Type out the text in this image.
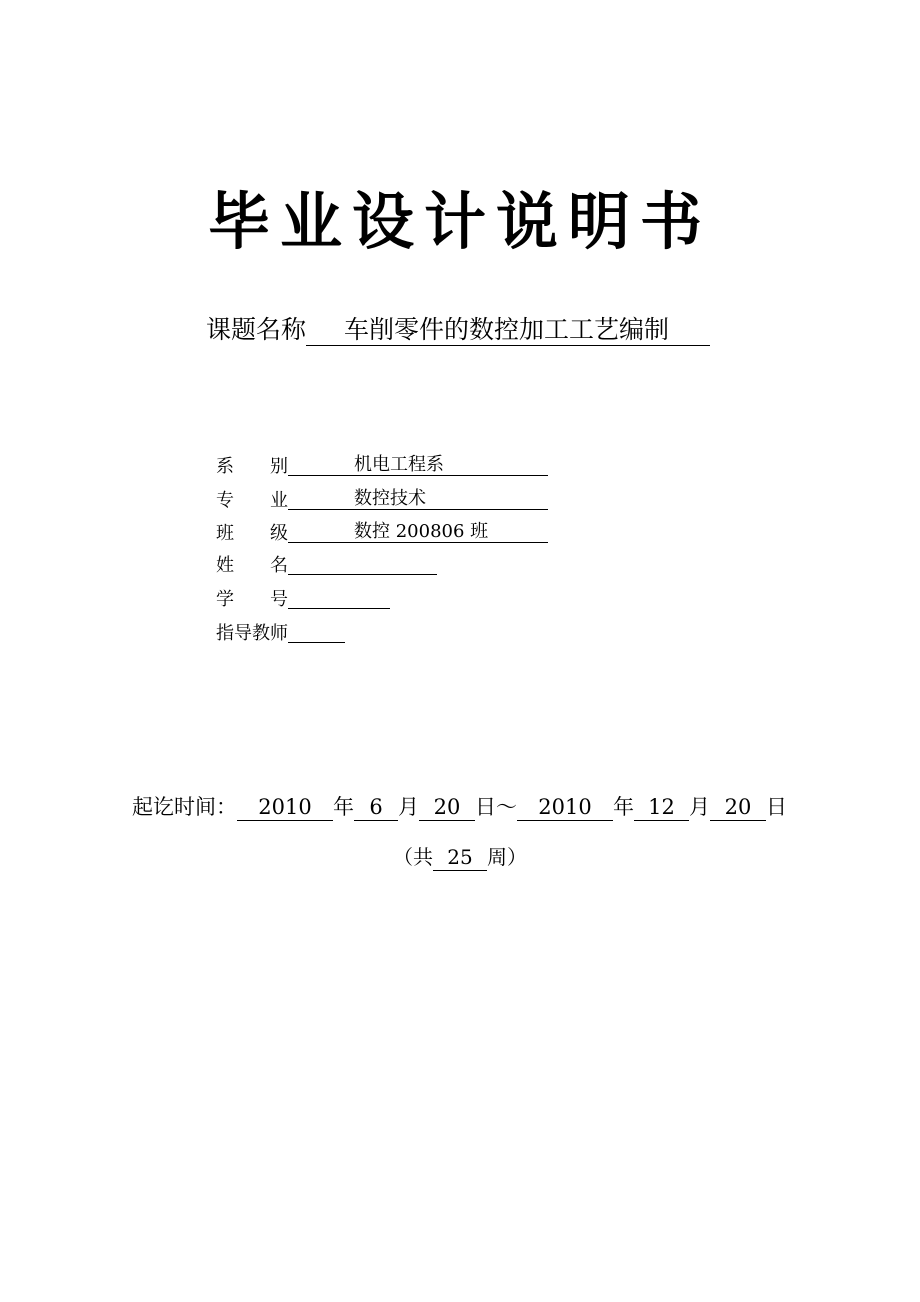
毕业设计说明书
课题名称 车削零件的数控加工工艺编制
系 别	机电工程系
专 业	数控技术
班 级	数控 200806 班
姓 名
学 号
指导教师
起讫时间： 2010 年 6 月 20 日～ 2010 年 12 月 20 日
（共 25 周）
